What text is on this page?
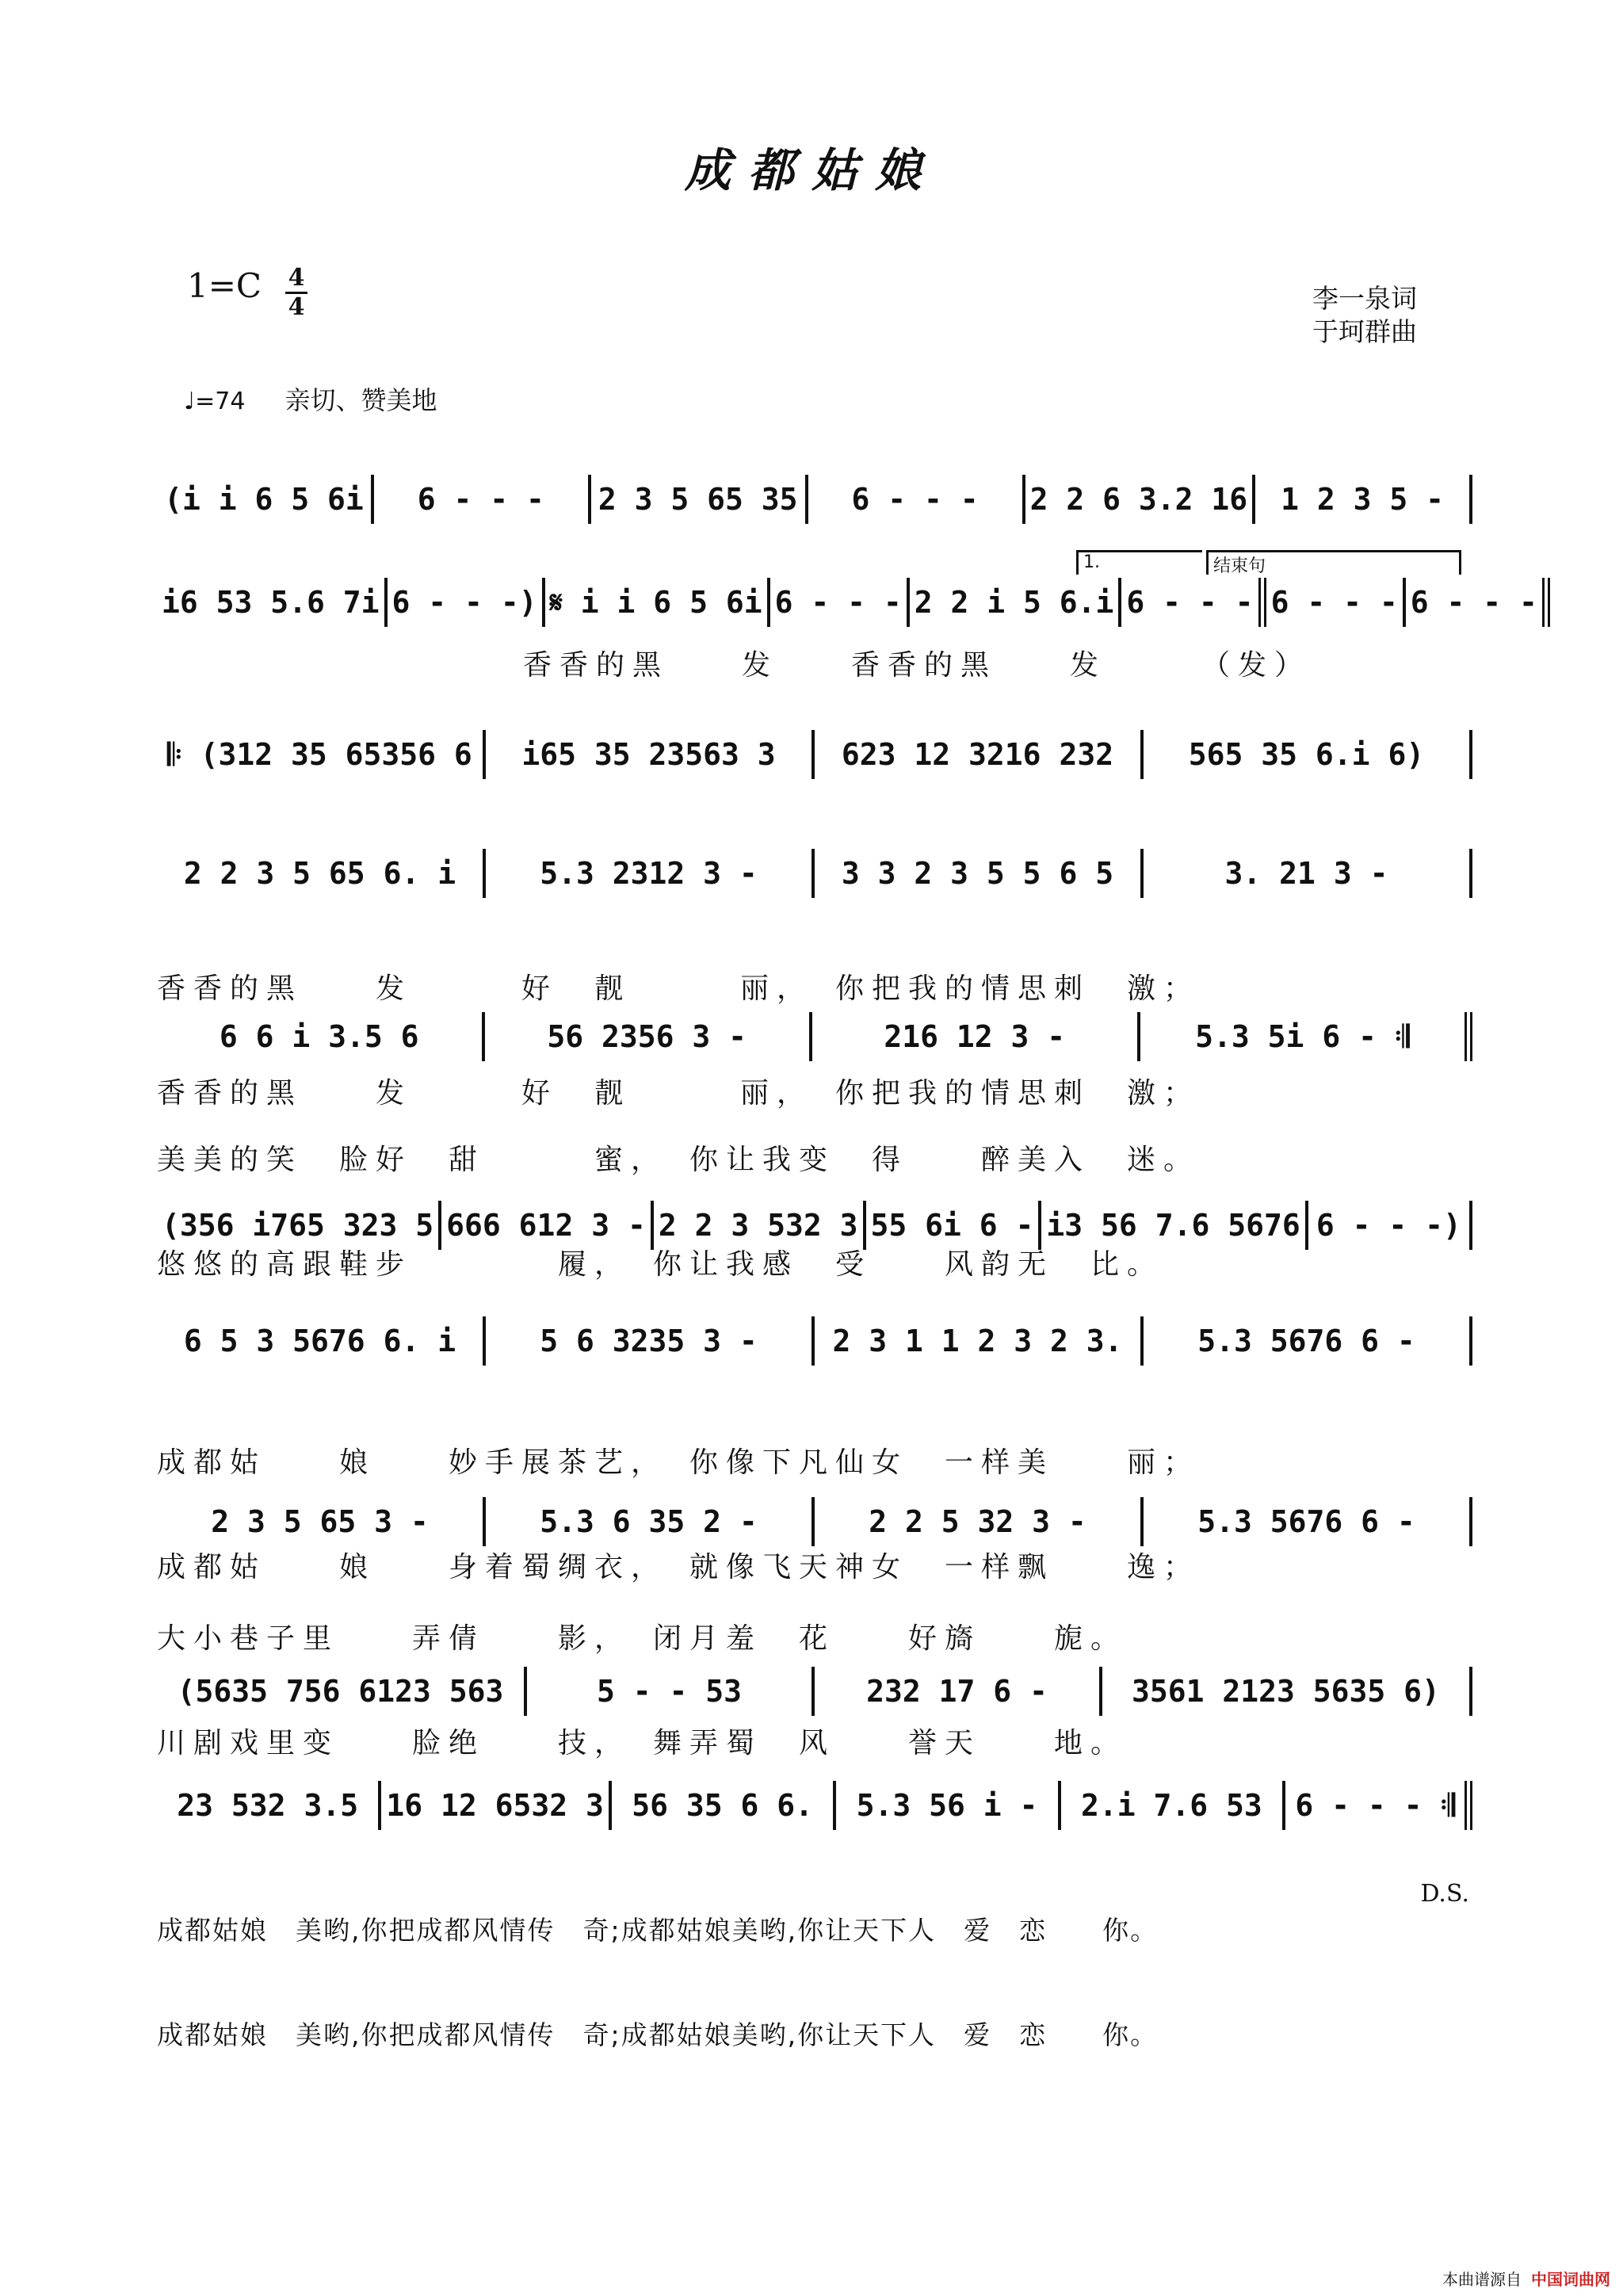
成都姑娘
1=C 4
4	李一泉词
于珂群曲
♩=74 亲切、赞美地
(i i 6 5 6i	6 - - -	2 3 5 65 35	6 - - -	2 2 6 3.2 16	1 2 3 5 -
1.	结束句
i6 53 5.6 7i 6 - - -) 𝄋 i i 6 5 6i 6 - - - 2 2 i 5 6.i 6 - - - 6 - - - 6 - - -
香香的黑　　发　　香香的黑　　发　　　（发）
𝄆 (312 35 65356 6	i65 35 23563 3	623 12 3216 232	565 35 6.i 6)
2 2 3 5 65 6. i	5.3 2312 3 -	3 3 2 3 5 5 6 5	3. 21 3 -

香香的黑　　发　　　好　靓　　　丽，　你把我的情思刺　激；

香香的黑　　发　　　好　靓　　　丽，　你把我的情思刺　激；

6 6 i 3.5 6	56 2356 3 -	216 12 3 -	5.3 5i 6 - 𝄇

美美的笑　脸好　甜　　　蜜，　你让我变　得　　醉美入　迷。

悠悠的高跟鞋步　　　　履，　你让我感　受　　风韵无　比。

(356 i765 323 5 666 612 3 - 2 2 3 532 3 55 6i 6 - i3 56 7.6 5676 6 - - -)
6 5 3 5676 6. i	5 6 3235 3 -	2 3 1 1 2 3 2 3.	5.3 5676 6 -

成都姑　　娘　　妙手展茶艺，　你像下凡仙女　一样美　　丽；

成都姑　　娘　　身着蜀绸衣，　就像飞天神女　一样飘　　逸；

2 3 5 65 3 -	5.3 6 35 2 -	2 2 5 32 3 -	5.3 5676 6 -

大小巷子里　　弄倩　　影，　闭月羞　花　　好旖　　旎。

川剧戏里变　　脸绝　　技，　舞弄蜀　风　　誉天　　地。

(5635 756 6123 563	5 - - 53	232 17 6 -	3561 2123 5635 6)
23 532 3.5 16 12 6532 3 56 35 6 6.	5.3 56 i -	2.i 7.6 53	6 - - - 𝄇

成都姑娘　美哟,你把成都风情传　奇;成都姑娘美哟,你让天下人　爱　恋　　你。

成都姑娘　美哟,你把成都风情传　奇;成都姑娘美哟,你让天下人　爱　恋　　你。

D.S.
本曲谱源自 中国词曲网
